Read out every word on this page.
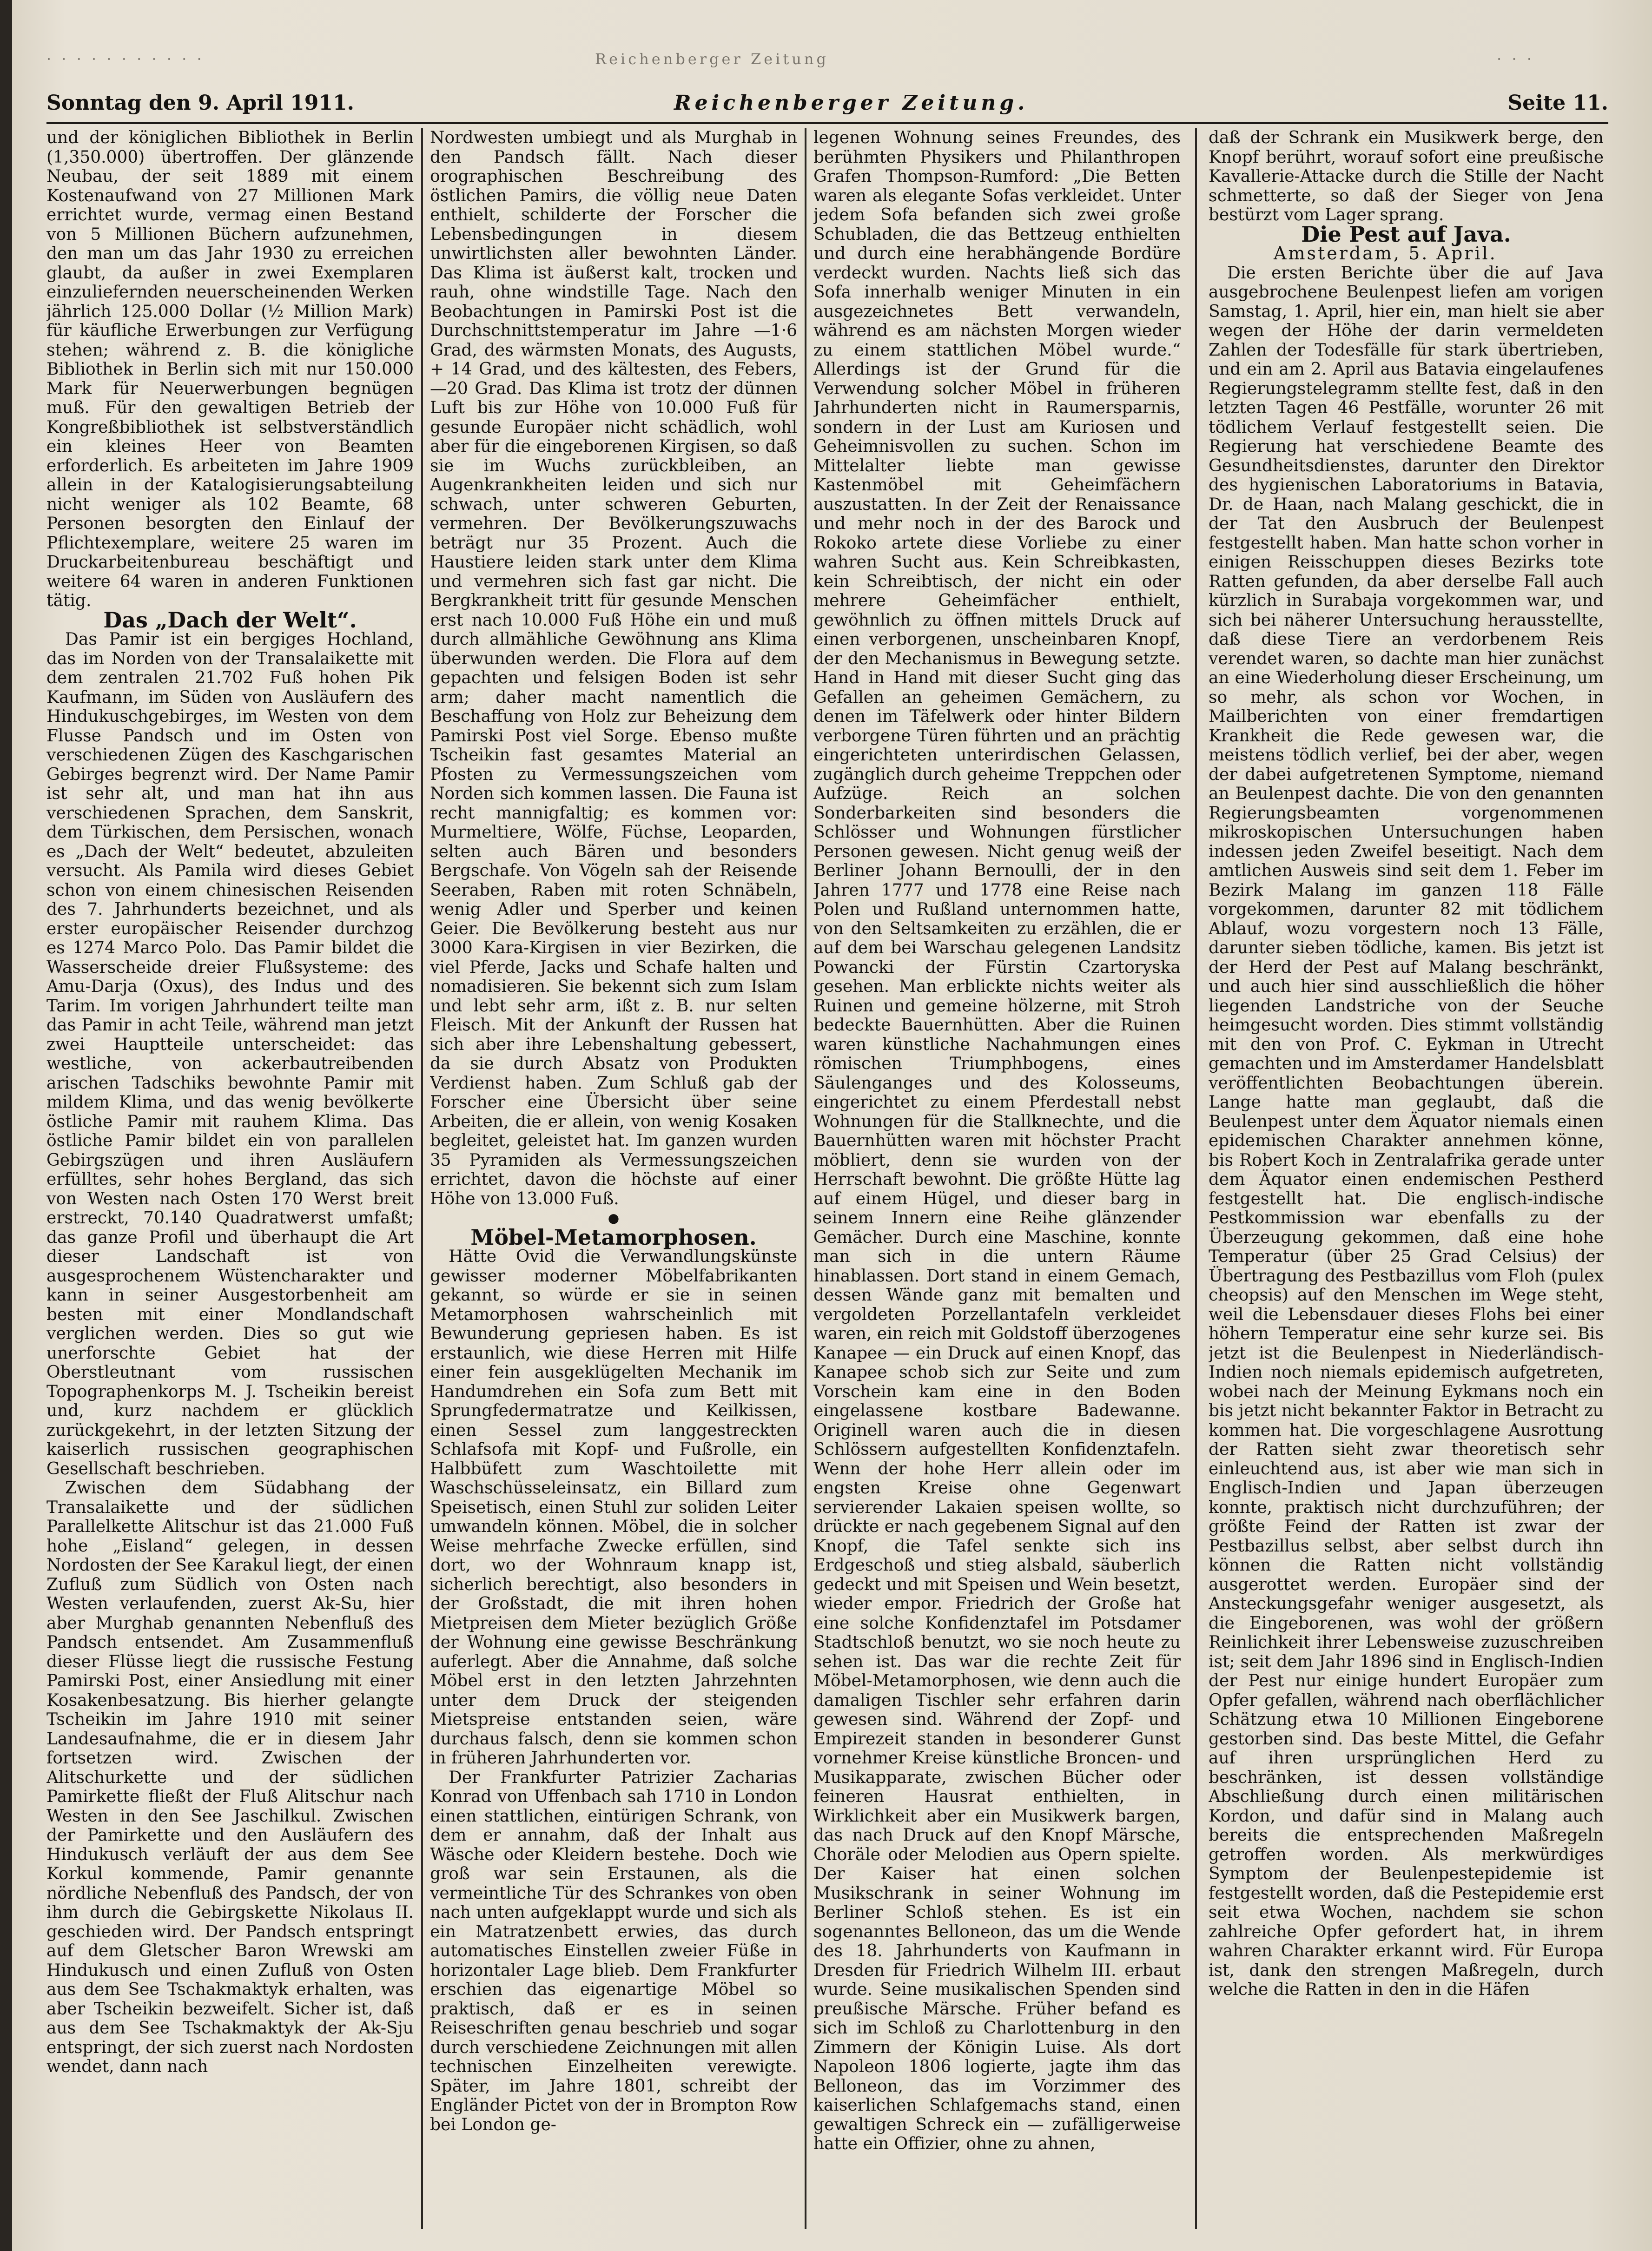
· · · · · · · · · · ·	Reichenberger Zeitung	· · ·
Sonntag den 9. April 1911.	Reichenberger Zeitung.	Seite 11.

und der königlichen Bibliothek in Berlin (1,350.000) übertroffen. Der glänzende Neubau, der seit 1889 mit einem Kostenaufwand von 27 Millionen Mark errichtet wurde, vermag einen Bestand von 5 Millionen Büchern aufzunehmen, den man um das Jahr 1930 zu erreichen glaubt, da außer in zwei Exemplaren einzuliefernden neuerscheinenden Werken jährlich 125.000 Dollar (½ Million Mark) für käufliche Erwerbungen zur Verfügung stehen; während z. B. die königliche Bibliothek in Berlin sich mit nur 150.000 Mark für Neuerwerbungen begnügen muß. Für den gewaltigen Betrieb der Kongreßbibliothek ist selbstverständlich ein kleines Heer von Beamten erforderlich. Es arbeiteten im Jahre 1909 allein in der Katalogisierungsabteilung nicht weniger als 102 Beamte, 68 Personen besorgten den Einlauf der Pflichtexemplare, weitere 25 waren im Druckarbeitenbureau beschäftigt und weitere 64 waren in anderen Funktionen tätig.

Das „Dach der Welt“.

Das Pamir ist ein bergiges Hochland, das im Norden von der Transalaikette mit dem zentralen 21.702 Fuß hohen Pik Kaufmann, im Süden von Ausläufern des Hindukuschgebirges, im Westen von dem Flusse Pandsch und im Osten von verschiedenen Zügen des Kaschgarischen Gebirges begrenzt wird. Der Name Pamir ist sehr alt, und man hat ihn aus verschiedenen Sprachen, dem Sanskrit, dem Türkischen, dem Persischen, wonach es „Dach der Welt“ bedeutet, abzuleiten versucht. Als Pamila wird dieses Gebiet schon von einem chinesischen Reisenden des 7. Jahrhunderts bezeichnet, und als erster europäischer Reisender durchzog es 1274 Marco Polo. Das Pamir bildet die Wasserscheide dreier Flußsysteme: des Amu-Darja (Oxus), des Indus und des Tarim. Im vorigen Jahrhundert teilte man das Pamir in acht Teile, während man jetzt zwei Hauptteile unterscheidet: das westliche, von ackerbautreibenden arischen Tadschiks bewohnte Pamir mit mildem Klima, und das wenig bevölkerte östliche Pamir mit rauhem Klima. Das östliche Pamir bildet ein von parallelen Gebirgszügen und ihren Ausläufern erfülltes, sehr hohes Bergland, das sich von Westen nach Osten 170 Werst breit erstreckt, 70.140 Quadratwerst umfaßt; das ganze Profil und überhaupt die Art dieser Landschaft ist von ausgesprochenem Wüstencharakter und kann in seiner Ausgestorbenheit am besten mit einer Mondlandschaft verglichen werden. Dies so gut wie unerforschte Gebiet hat der Oberstleutnant vom russischen Topographenkorps M. J. Tscheikin bereist und, kurz nachdem er glücklich zurückgekehrt, in der letzten Sitzung der kaiserlich russischen geographischen Gesellschaft beschrieben.

Zwischen dem Südabhang der Transalaikette und der südlichen Parallelkette Alitschur ist das 21.000 Fuß hohe „Eisland“ gelegen, in dessen Nordosten der See Karakul liegt, der einen Zufluß zum Südlich von Osten nach Westen verlaufenden, zuerst Ak-Su, hier aber Murghab genannten Nebenfluß des Pandsch entsendet. Am Zusammenfluß dieser Flüsse liegt die russische Festung Pamirski Post, einer Ansiedlung mit einer Kosakenbesatzung. Bis hierher gelangte Tscheikin im Jahre 1910 mit seiner Landesaufnahme, die er in diesem Jahr fortsetzen wird. Zwischen der Alitschurkette und der südlichen Pamirkette fließt der Fluß Alitschur nach Westen in den See Jaschilkul. Zwischen der Pamirkette und den Ausläufern des Hindukusch verläuft der aus dem See Korkul kommende, Pamir genannte nördliche Nebenfluß des Pandsch, der von ihm durch die Gebirgskette Nikolaus II. geschieden wird. Der Pandsch entspringt auf dem Gletscher Baron Wrewski am Hindukusch und einen Zufluß von Osten aus dem See Tschakmaktyk erhalten, was aber Tscheikin bezweifelt. Sicher ist, daß aus dem See Tschakmaktyk der Ak-Sju entspringt, der sich zuerst nach Nordosten wendet, dann nach

Nordwesten umbiegt und als Murghab in den Pandsch fällt. Nach dieser orographischen Beschreibung des östlichen Pamirs, die völlig neue Daten enthielt, schilderte der Forscher die Lebensbedingungen in diesem unwirtlichsten aller bewohnten Länder. Das Klima ist äußerst kalt, trocken und rauh, ohne windstille Tage. Nach den Beobachtungen in Pamirski Post ist die Durchschnittstemperatur im Jahre —1·6 Grad, des wärmsten Monats, des Augusts, + 14 Grad, und des kältesten, des Febers, —20 Grad. Das Klima ist trotz der dünnen Luft bis zur Höhe von 10.000 Fuß für gesunde Europäer nicht schädlich, wohl aber für die eingeborenen Kirgisen, so daß sie im Wuchs zurückbleiben, an Augenkrankheiten leiden und sich nur schwach, unter schweren Geburten, vermehren. Der Bevölkerungszuwachs beträgt nur 35 Prozent. Auch die Haustiere leiden stark unter dem Klima und vermehren sich fast gar nicht. Die Bergkrankheit tritt für gesunde Menschen erst nach 10.000 Fuß Höhe ein und muß durch allmähliche Gewöhnung ans Klima überwunden werden. Die Flora auf dem gepachten und felsigen Boden ist sehr arm; daher macht namentlich die Beschaffung von Holz zur Beheizung dem Pamirski Post viel Sorge. Ebenso mußte Tscheikin fast gesamtes Material an Pfosten zu Vermessungszeichen vom Norden sich kommen lassen. Die Fauna ist recht mannigfaltig; es kommen vor: Murmeltiere, Wölfe, Füchse, Leoparden, selten auch Bären und besonders Bergschafe. Von Vögeln sah der Reisende Seeraben, Raben mit roten Schnäbeln, wenig Adler und Sperber und keinen Geier. Die Bevölkerung besteht aus nur 3000 Kara-Kirgisen in vier Bezirken, die viel Pferde, Jacks und Schafe halten und nomadisieren. Sie bekennt sich zum Islam und lebt sehr arm, ißt z. B. nur selten Fleisch. Mit der Ankunft der Russen hat sich aber ihre Lebenshaltung gebessert, da sie durch Absatz von Produkten Verdienst haben. Zum Schluß gab der Forscher eine Übersicht über seine Arbeiten, die er allein, von wenig Kosaken begleitet, geleistet hat. Im ganzen wurden 35 Pyramiden als Vermessungszeichen errichtet, davon die höchste auf einer Höhe von 13.000 Fuß.

●

Möbel-Metamorphosen.

Hätte Ovid die Verwandlungskünste gewisser moderner Möbelfabrikanten gekannt, so würde er sie in seinen Metamorphosen wahrscheinlich mit Bewunderung gepriesen haben. Es ist erstaunlich, wie diese Herren mit Hilfe einer fein ausgeklügelten Mechanik im Handumdrehen ein Sofa zum Bett mit Sprungfedermatratze und Keilkissen, einen Sessel zum langgestreckten Schlafsofa mit Kopf- und Fußrolle, ein Halbbüfett zum Waschtoilette mit Waschschüsseleinsatz, ein Billard zum Speisetisch, einen Stuhl zur soliden Leiter umwandeln können. Möbel, die in solcher Weise mehrfache Zwecke erfüllen, sind dort, wo der Wohnraum knapp ist, sicherlich berechtigt, also besonders in der Großstadt, die mit ihren hohen Mietpreisen dem Mieter bezüglich Größe der Wohnung eine gewisse Beschränkung auferlegt. Aber die Annahme, daß solche Möbel erst in den letzten Jahrzehnten unter dem Druck der steigenden Mietspreise entstanden seien, wäre durchaus falsch, denn sie kommen schon in früheren Jahrhunderten vor.

Der Frankfurter Patrizier Zacharias Konrad von Uffenbach sah 1710 in London einen stattlichen, eintürigen Schrank, von dem er annahm, daß der Inhalt aus Wäsche oder Kleidern bestehe. Doch wie groß war sein Erstaunen, als die vermeintliche Tür des Schrankes von oben nach unten aufgeklappt wurde und sich als ein Matratzenbett erwies, das durch automatisches Einstellen zweier Füße in horizontaler Lage blieb. Dem Frankfurter erschien das eigenartige Möbel so praktisch, daß er es in seinen Reiseschriften genau beschrieb und sogar durch verschiedene Zeichnungen mit allen technischen Einzelheiten verewigte. Später, im Jahre 1801, schreibt der Engländer Pictet von der in Brompton Row bei London ge-

legenen Wohnung seines Freundes, des berühmten Physikers und Philanthropen Grafen Thompson-Rumford: „Die Betten waren als elegante Sofas verkleidet. Unter jedem Sofa befanden sich zwei große Schubladen, die das Bettzeug enthielten und durch eine herabhängende Bordüre verdeckt wurden. Nachts ließ sich das Sofa innerhalb weniger Minuten in ein ausgezeichnetes Bett verwandeln, während es am nächsten Morgen wieder zu einem stattlichen Möbel wurde.“ Allerdings ist der Grund für die Verwendung solcher Möbel in früheren Jahrhunderten nicht in Raumersparnis, sondern in der Lust am Kuriosen und Geheimnisvollen zu suchen. Schon im Mittelalter liebte man gewisse Kastenmöbel mit Geheimfächern auszustatten. In der Zeit der Renaissance und mehr noch in der des Barock und Rokoko artete diese Vorliebe zu einer wahren Sucht aus. Kein Schreibkasten, kein Schreibtisch, der nicht ein oder mehrere Geheimfächer enthielt, gewöhnlich zu öffnen mittels Druck auf einen verborgenen, unscheinbaren Knopf, der den Mechanismus in Bewegung setzte. Hand in Hand mit dieser Sucht ging das Gefallen an geheimen Gemächern, zu denen im Täfelwerk oder hinter Bildern verborgene Türen führten und an prächtig eingerichteten unterirdischen Gelassen, zugänglich durch geheime Treppchen oder Aufzüge. Reich an solchen Sonderbarkeiten sind besonders die Schlösser und Wohnungen fürstlicher Personen gewesen. Nicht genug weiß der Berliner Johann Bernoulli, der in den Jahren 1777 und 1778 eine Reise nach Polen und Rußland unternommen hatte, von den Seltsamkeiten zu erzählen, die er auf dem bei Warschau gelegenen Landsitz Powancki der Fürstin Czartoryska gesehen. Man erblickte nichts weiter als Ruinen und gemeine hölzerne, mit Stroh bedeckte Bauernhütten. Aber die Ruinen waren künstliche Nachahmungen eines römischen Triumphbogens, eines Säulenganges und des Kolosseums, eingerichtet zu einem Pferdestall nebst Wohnungen für die Stallknechte, und die Bauernhütten waren mit höchster Pracht möbliert, denn sie wurden von der Herrschaft bewohnt. Die größte Hütte lag auf einem Hügel, und dieser barg in seinem Innern eine Reihe glänzender Gemächer. Durch eine Maschine, konnte man sich in die untern Räume hinablassen. Dort stand in einem Gemach, dessen Wände ganz mit bemalten und vergoldeten Porzellantafeln verkleidet waren, ein reich mit Goldstoff überzogenes Kanapee — ein Druck auf einen Knopf, das Kanapee schob sich zur Seite und zum Vorschein kam eine in den Boden eingelassene kostbare Badewanne. Originell waren auch die in diesen Schlössern aufgestellten Konfidenztafeln. Wenn der hohe Herr allein oder im engsten Kreise ohne Gegenwart servierender Lakaien speisen wollte, so drückte er nach gegebenem Signal auf den Knopf, die Tafel senkte sich ins Erdgeschoß und stieg alsbald, säuberlich gedeckt und mit Speisen und Wein besetzt, wieder empor. Friedrich der Große hat eine solche Konfidenztafel im Potsdamer Stadtschloß benutzt, wo sie noch heute zu sehen ist. Das war die rechte Zeit für Möbel-Metamorphosen, wie denn auch die damaligen Tischler sehr erfahren darin gewesen sind. Während der Zopf- und Empirezeit standen in besonderer Gunst vornehmer Kreise künstliche Broncen- und Musikapparate, zwischen Bücher oder feineren Hausrat enthielten, in Wirklichkeit aber ein Musikwerk bargen, das nach Druck auf den Knopf Märsche, Choräle oder Melodien aus Opern spielte. Der Kaiser hat einen solchen Musikschrank in seiner Wohnung im Berliner Schloß stehen. Es ist ein sogenanntes Belloneon, das um die Wende des 18. Jahrhunderts von Kaufmann in Dresden für Friedrich Wilhelm III. erbaut wurde. Seine musikalischen Spenden sind preußische Märsche. Früher befand es sich im Schloß zu Charlottenburg in den Zimmern der Königin Luise. Als dort Napoleon 1806 logierte, jagte ihm das Belloneon, das im Vorzimmer des kaiserlichen Schlafgemachs stand, einen gewaltigen Schreck ein — zufälligerweise hatte ein Offizier, ohne zu ahnen,

daß der Schrank ein Musikwerk berge, den Knopf berührt, worauf sofort eine preußische Kavallerie-Attacke durch die Stille der Nacht schmetterte, so daß der Sieger von Jena bestürzt vom Lager sprang.

Die Pest auf Java.

Amsterdam, 5. April.

Die ersten Berichte über die auf Java ausgebrochene Beulenpest liefen am vorigen Samstag, 1. April, hier ein, man hielt sie aber wegen der Höhe der darin vermeldeten Zahlen der Todesfälle für stark übertrieben, und ein am 2. April aus Batavia eingelaufenes Regierungstelegramm stellte fest, daß in den letzten Tagen 46 Pestfälle, worunter 26 mit tödlichem Verlauf festgestellt seien. Die Regierung hat verschiedene Beamte des Gesundheitsdienstes, darunter den Direktor des hygienischen Laboratoriums in Batavia, Dr. de Haan, nach Malang geschickt, die in der Tat den Ausbruch der Beulenpest festgestellt haben. Man hatte schon vorher in einigen Reisschuppen dieses Bezirks tote Ratten gefunden, da aber derselbe Fall auch kürzlich in Surabaja vorgekommen war, und sich bei näherer Untersuchung herausstellte, daß diese Tiere an verdorbenem Reis verendet waren, so dachte man hier zunächst an eine Wiederholung dieser Erscheinung, um so mehr, als schon vor Wochen, in Mailberichten von einer fremdartigen Krankheit die Rede gewesen war, die meistens tödlich verlief, bei der aber, wegen der dabei aufgetretenen Symptome, niemand an Beulenpest dachte. Die von den genannten Regierungsbeamten vorgenommenen mikroskopischen Untersuchungen haben indessen jeden Zweifel beseitigt. Nach dem amtlichen Ausweis sind seit dem 1. Feber im Bezirk Malang im ganzen 118 Fälle vorgekommen, darunter 82 mit tödlichem Ablauf, wozu vorgestern noch 13 Fälle, darunter sieben tödliche, kamen. Bis jetzt ist der Herd der Pest auf Malang beschränkt, und auch hier sind ausschließlich die höher liegenden Landstriche von der Seuche heimgesucht worden. Dies stimmt vollständig mit den von Prof. C. Eykman in Utrecht gemachten und im Amsterdamer Handelsblatt veröffentlichten Beobachtungen überein. Lange hatte man geglaubt, daß die Beulenpest unter dem Äquator niemals einen epidemischen Charakter annehmen könne, bis Robert Koch in Zentralafrika gerade unter dem Äquator einen endemischen Pestherd festgestellt hat. Die englisch-indische Pestkommission war ebenfalls zu der Überzeugung gekommen, daß eine hohe Temperatur (über 25 Grad Celsius) der Übertragung des Pestbazillus vom Floh (pulex cheopsis) auf den Menschen im Wege steht, weil die Lebensdauer dieses Flohs bei einer höhern Temperatur eine sehr kurze sei. Bis jetzt ist die Beulenpest in Niederländisch-Indien noch niemals epidemisch aufgetreten, wobei nach der Meinung Eykmans noch ein bis jetzt nicht bekannter Faktor in Betracht zu kommen hat. Die vorgeschlagene Ausrottung der Ratten sieht zwar theoretisch sehr einleuchtend aus, ist aber wie man sich in Englisch-Indien und Japan überzeugen konnte, praktisch nicht durchzuführen; der größte Feind der Ratten ist zwar der Pestbazillus selbst, aber selbst durch ihn können die Ratten nicht vollständig ausgerottet werden. Europäer sind der Ansteckungsgefahr weniger ausgesetzt, als die Eingeborenen, was wohl der größern Reinlichkeit ihrer Lebensweise zuzuschreiben ist; seit dem Jahr 1896 sind in Englisch-Indien der Pest nur einige hundert Europäer zum Opfer gefallen, während nach oberflächlicher Schätzung etwa 10 Millionen Eingeborene gestorben sind. Das beste Mittel, die Gefahr auf ihren ursprünglichen Herd zu beschränken, ist dessen vollständige Abschließung durch einen militärischen Kordon, und dafür sind in Malang auch bereits die entsprechenden Maßregeln getroffen worden. Als merkwürdiges Symptom der Beulenpestepidemie ist festgestellt worden, daß die Pestepidemie erst seit etwa Wochen, nachdem sie schon zahlreiche Opfer gefordert hat, in ihrem wahren Charakter erkannt wird. Für Europa ist, dank den strengen Maßregeln, durch welche die Ratten in den in die Häfen
